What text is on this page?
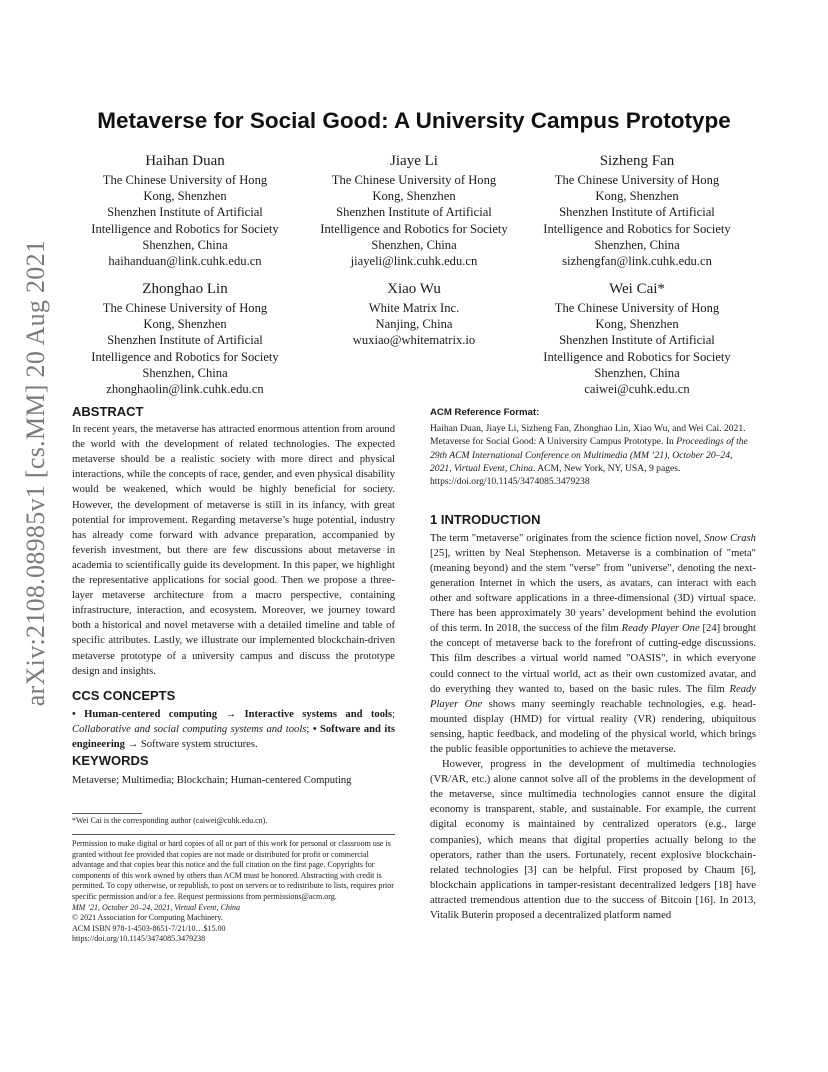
arXiv:2108.08985v1 [cs.MM] 20 Aug 2021
Metaverse for Social Good: A University Campus Prototype
Haihan Duan
The Chinese University of Hong
Kong, Shenzhen
Shenzhen Institute of Artificial
Intelligence and Robotics for Society
Shenzhen, China
haihanduan@link.cuhk.edu.cn
Jiaye Li
The Chinese University of Hong
Kong, Shenzhen
Shenzhen Institute of Artificial
Intelligence and Robotics for Society
Shenzhen, China
jiayeli@link.cuhk.edu.cn
Sizheng Fan
The Chinese University of Hong
Kong, Shenzhen
Shenzhen Institute of Artificial
Intelligence and Robotics for Society
Shenzhen, China
sizhengfan@link.cuhk.edu.cn
Zhonghao Lin
The Chinese University of Hong
Kong, Shenzhen
Shenzhen Institute of Artificial
Intelligence and Robotics for Society
Shenzhen, China
zhonghaolin@link.cuhk.edu.cn
Xiao Wu
White Matrix Inc.
Nanjing, China
wuxiao@whitematrix.io
Wei Cai*
The Chinese University of Hong
Kong, Shenzhen
Shenzhen Institute of Artificial
Intelligence and Robotics for Society
Shenzhen, China
caiwei@cuhk.edu.cn

ABSTRACT

In recent years, the metaverse has attracted enormous attention from around the world with the development of related technologies. The expected metaverse should be a realistic society with more direct and physical interactions, while the concepts of race, gender, and even physical disability would be weakened, which would be highly beneficial for society. However, the development of metaverse is still in its infancy, with great potential for improvement. Regarding metaverse’s huge potential, industry has already come forward with advance preparation, accompanied by feverish investment, but there are few discussions about metaverse in academia to scientifically guide its development. In this paper, we highlight the representative applications for social good. Then we propose a three-layer metaverse architecture from a macro perspective, containing infrastructure, interaction, and ecosystem. Moreover, we journey toward both a historical and novel metaverse with a detailed timeline and table of specific attributes. Lastly, we illustrate our implemented blockchain-driven metaverse prototype of a university campus and discuss the prototype design and insights.

CCS CONCEPTS

• Human-centered computing → Interactive systems and tools; Collaborative and social computing systems and tools; • Software and its engineering → Software system structures.

KEYWORDS

Metaverse; Multimedia; Blockchain; Human-centered Computing

*Wei Cai is the corresponding author (caiwei@cuhk.edu.cn).
Permission to make digital or hard copies of all or part of this work for personal or classroom use is granted without fee provided that copies are not made or distributed for profit or commercial advantage and that copies bear this notice and the full citation on the first page. Copyrights for components of this work owned by others than ACM must be honored. Abstracting with credit is permitted. To copy otherwise, or republish, to post on servers or to redistribute to lists, requires prior specific permission and/or a fee. Request permissions from permissions@acm.org.
MM ’21, October 20–24, 2021, Virtual Event, China
© 2021 Association for Computing Machinery.
ACM ISBN 978-1-4503-8651-7/21/10…$15.00
https://doi.org/10.1145/3474085.3479238
ACM Reference Format:
Haihan Duan, Jiaye Li, Sizheng Fan, Zhonghao Lin, Xiao Wu, and Wei Cai. 2021. Metaverse for Social Good: A University Campus Prototype. In Proceedings of the 29th ACM International Conference on Multimedia (MM ’21), October 20–24, 2021, Virtual Event, China. ACM, New York, NY, USA, 9 pages. https://doi.org/10.1145/3474085.3479238

1 INTRODUCTION

The term "metaverse" originates from the science fiction novel, Snow Crash [25], written by Neal Stephenson. Metaverse is a combination of "meta" (meaning beyond) and the stem "verse" from "universe", denoting the next-generation Internet in which the users, as avatars, can interact with each other and software applications in a three-dimensional (3D) virtual space. There has been approximately 30 years’ development behind the evolution of this term. In 2018, the success of the film Ready Player One [24] brought the concept of metaverse back to the forefront of cutting-edge discussions. This film describes a virtual world named "OASIS", in which everyone could connect to the virtual world, act as their own customized avatar, and do everything they wanted to, based on the basic rules. The film Ready Player One shows many seemingly reachable technologies, e.g. head-mounted display (HMD) for virtual reality (VR) rendering, ubiquitous sensing, haptic feedback, and modeling of the physical world, which brings the public feasible opportunities to achieve the metaverse.

However, progress in the development of multimedia technologies (VR/AR, etc.) alone cannot solve all of the problems in the development of the metaverse, since multimedia technologies cannot ensure the digital economy is transparent, stable, and sustainable. For example, the current digital economy is maintained by centralized operators (e.g., large companies), which means that digital properties actually belong to the operators, rather than the users. Fortunately, recent explosive blockchain-related technologies [3] can be helpful. First proposed by Chaum [6], blockchain applications in tamper-resistant decentralized ledgers [18] have attracted tremendous attention due to the success of Bitcoin [16]. In 2013, Vitalik Buterin proposed a decentralized platform named
